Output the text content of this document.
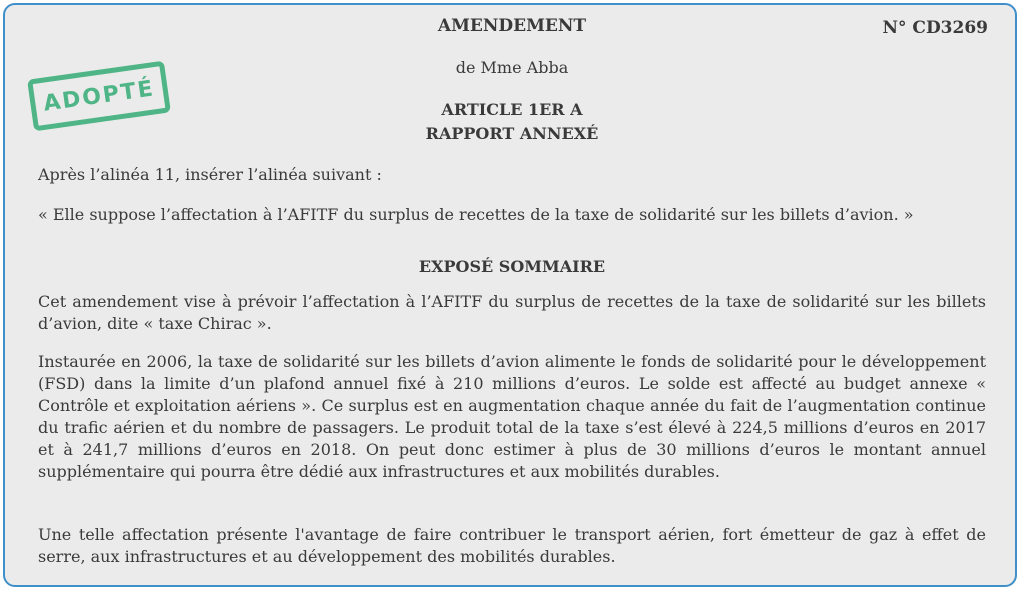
AMENDEMENT	N° CD3269
ADOPTÉ
de Mme Abba
ARTICLE 1ER A
RAPPORT ANNEXÉ

Après l’alinéa 11, insérer l’alinéa suivant :

« Elle suppose l’affectation à l’AFITF du surplus de recettes de la taxe de solidarité sur les billets d’avion. »

EXPOSÉ SOMMAIRE

Cet amendement vise à prévoir l’affectation à l’AFITF du surplus de recettes de la taxe de solidarité sur les billets d’avion, dite « taxe Chirac ».

Instaurée en 2006, la taxe de solidarité sur les billets d’avion alimente le fonds de solidarité pour le développement (FSD) dans la limite d’un plafond annuel fixé à 210 millions d’euros. Le solde est affecté au budget annexe « Contrôle et exploitation aériens ». Ce surplus est en augmentation chaque année du fait de l’augmentation continue du trafic aérien et du nombre de passagers. Le produit total de la taxe s’est élevé à 224,5 millions d’euros en 2017 et à 241,7 millions d’euros en 2018. On peut donc estimer à plus de 30 millions d’euros le montant annuel supplémentaire qui pourra être dédié aux infrastructures et aux mobilités durables.

Une telle affectation présente l'avantage de faire contribuer le transport aérien, fort émetteur de gaz à effet de serre, aux infrastructures et au développement des mobilités durables.
